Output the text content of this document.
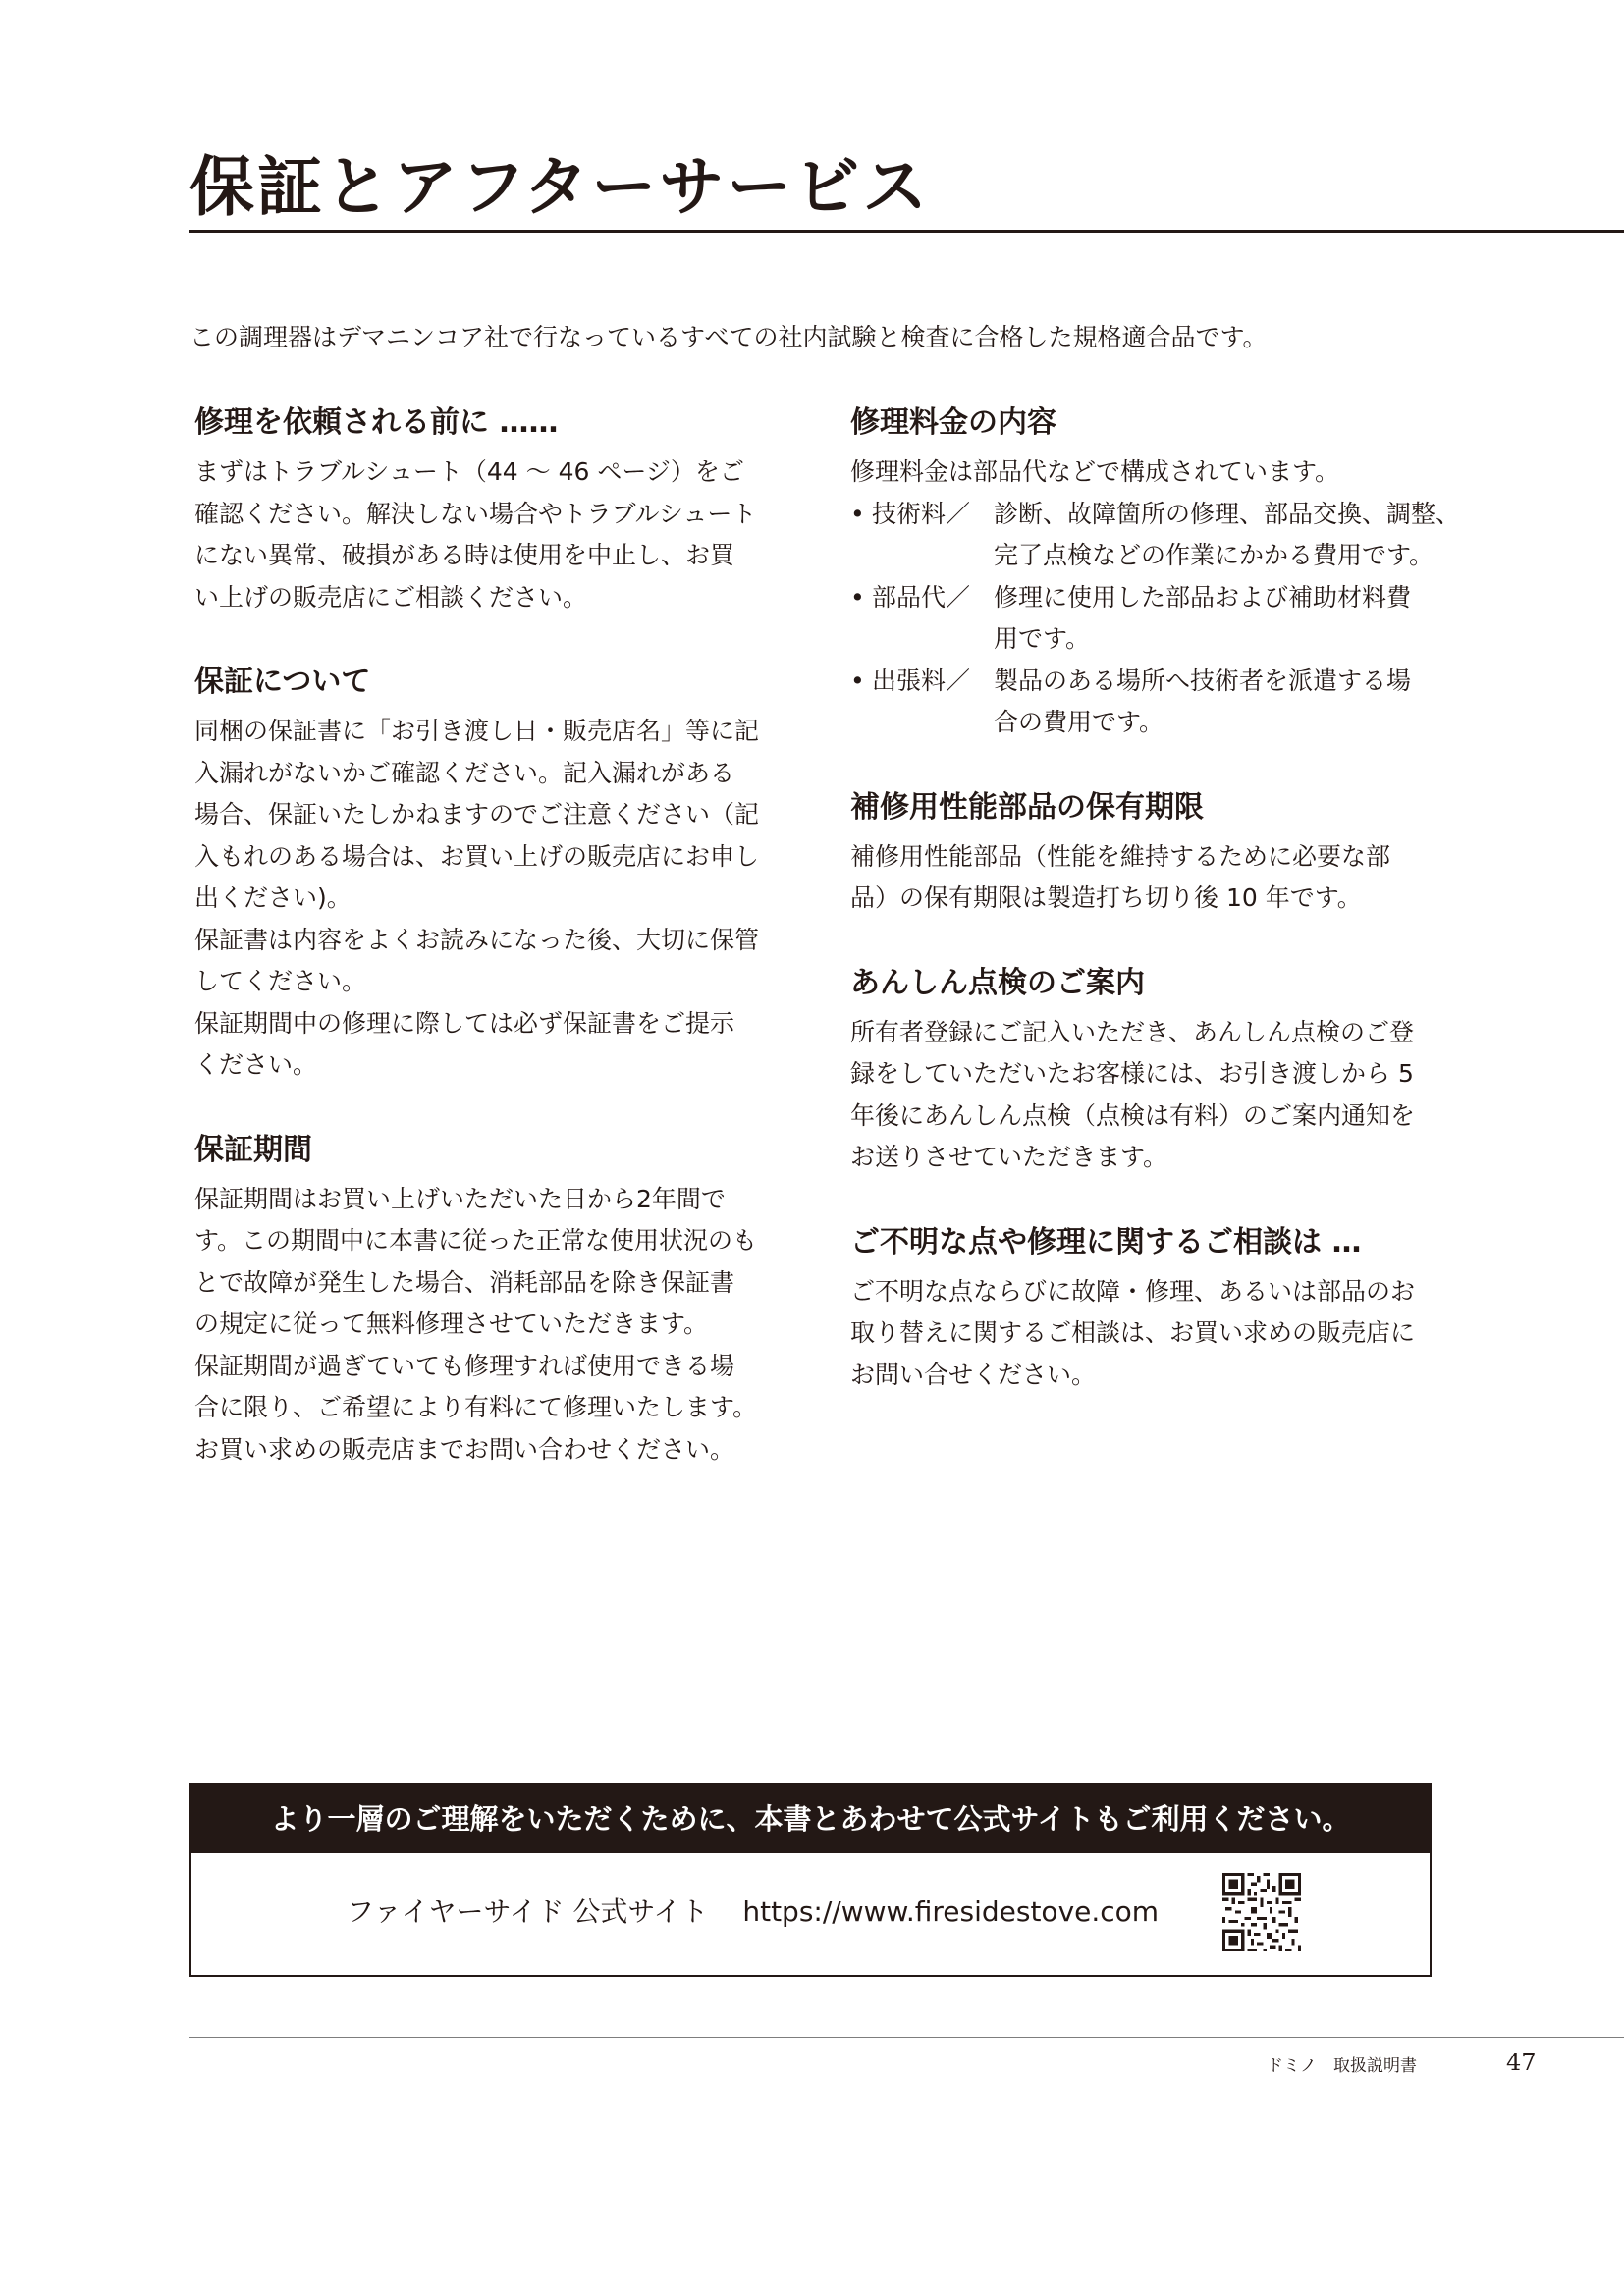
保証とアフターサービス
この調理器はデマニンコア社で行なっているすべての社内試験と検査に合格した規格適合品です。
修理を依頼される前に ……
まずはトラブルシュート（44 ～ 46 ページ）をご
確認ください。解決しない場合やトラブルシュート
にない異常、破損がある時は使用を中止し、お買
い上げの販売店にご相談ください。
保証について
同梱の保証書に「お引き渡し日・販売店名」等に記
入漏れがないかご確認ください。記入漏れがある
場合、保証いたしかねますのでご注意ください（記
入もれのある場合は、お買い上げの販売店にお申し
出ください)。
保証書は内容をよくお読みになった後、大切に保管
してください。
保証期間中の修理に際しては必ず保証書をご提示
ください。
保証期間
保証期間はお買い上げいただいた日から2年間で
す。この期間中に本書に従った正常な使用状況のも
とで故障が発生した場合、消耗部品を除き保証書
の規定に従って無料修理させていただきます。
保証期間が過ぎていても修理すれば使用できる場
合に限り、ご希望により有料にて修理いたします。
お買い求めの販売店までお問い合わせください。
修理料金の内容
修理料金は部品代などで構成されています。
• 技術料／ 診断、故障箇所の修理、部品交換、調整、
完了点検などの作業にかかる費用です。
• 部品代／ 修理に使用した部品および補助材料費
用です。
• 出張料／ 製品のある場所へ技術者を派遣する場
合の費用です。
補修用性能部品の保有期限
補修用性能部品（性能を維持するために必要な部
品）の保有期限は製造打ち切り後 10 年です。
あんしん点検のご案内
所有者登録にご記入いただき、あんしん点検のご登
録をしていただいたお客様には、お引き渡しから 5
年後にあんしん点検（点検は有料）のご案内通知を
お送りさせていただきます。
ご不明な点や修理に関するご相談は …
ご不明な点ならびに故障・修理、あるいは部品のお
取り替えに関するご相談は、お買い求めの販売店に
お問い合せください。
より一層のご理解をいただくために、本書とあわせて公式サイトもご利用ください。
ファイヤーサイド 公式サイト https://www.firesidestove.com
ドミノ　取扱説明書	47
